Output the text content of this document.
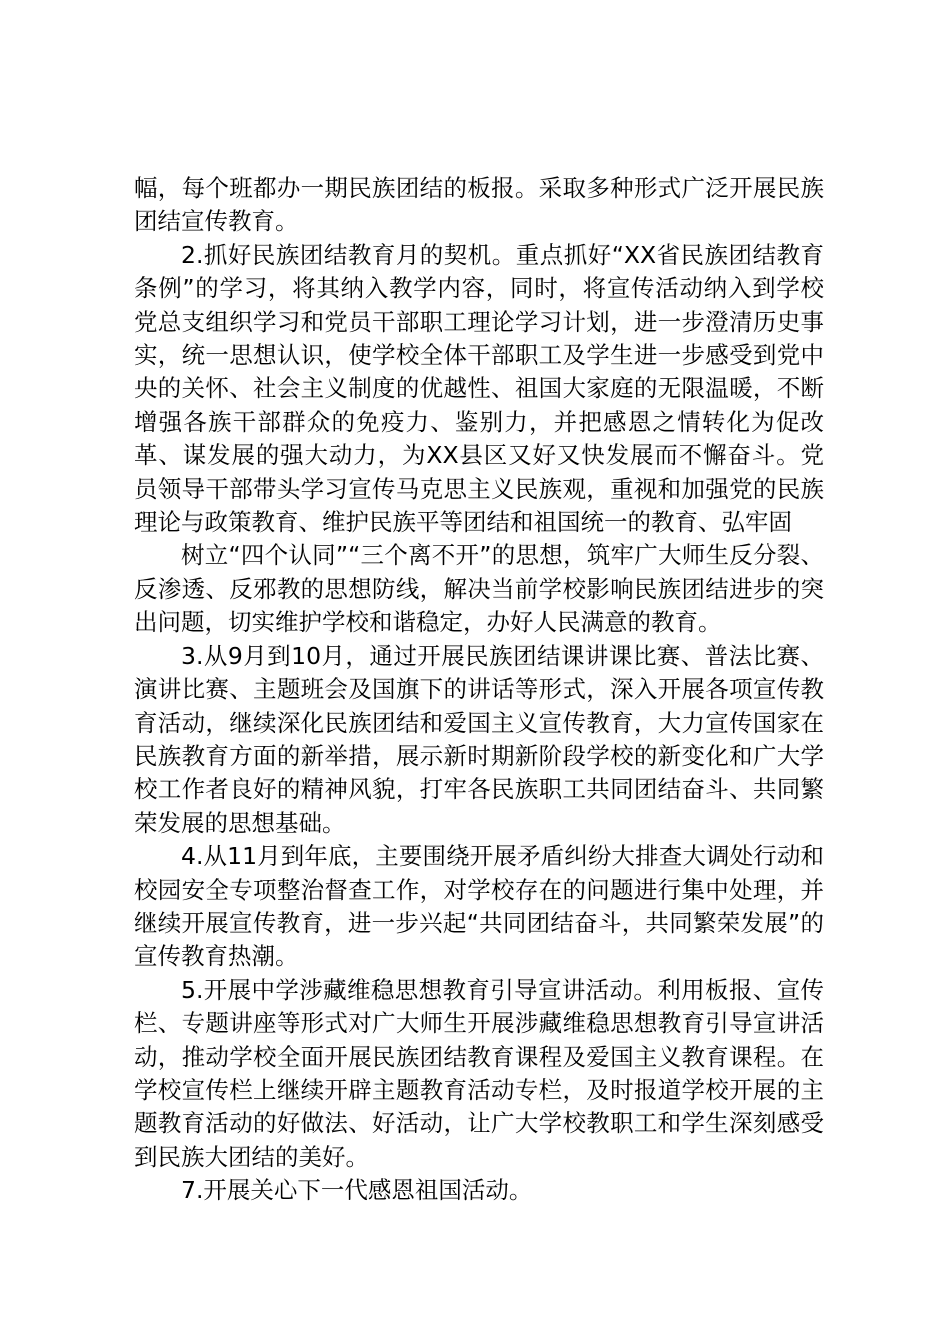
幅，每个班都办一期民族团结的板报。采取多种形式广泛开展民族团结宣传教育。

2.抓好民族团结教育月的契机。重点抓好“XX省民族团结教育条例”的学习，将其纳入教学内容，同时，将宣传活动纳入到学校党总支组织学习和党员干部职工理论学习计划，进一步澄清历史事实，统一思想认识，使学校全体干部职工及学生进一步感受到党中央的关怀、社会主义制度的优越性、祖国大家庭的无限温暖，不断增强各族干部群众的免疫力、鉴别力，并把感恩之情转化为促改革、谋发展的强大动力，为XX县区又好又快发展而不懈奋斗。党员领导干部带头学习宣传马克思主义民族观，重视和加强党的民族理论与政策教育、维护民族平等团结和祖国统一的教育、弘牢固

树立“四个认同”“三个离不开”的思想，筑牢广大师生反分裂、反渗透、反邪教的思想防线，解决当前学校影响民族团结进步的突出问题，切实维护学校和谐稳定，办好人民满意的教育。

3.从9月到10月，通过开展民族团结课讲课比赛、普法比赛、演讲比赛、主题班会及国旗下的讲话等形式，深入开展各项宣传教育活动，继续深化民族团结和爱国主义宣传教育，大力宣传国家在民族教育方面的新举措，展示新时期新阶段学校的新变化和广大学校工作者良好的精神风貌，打牢各民族职工共同团结奋斗、共同繁荣发展的思想基础。

4.从11月到年底，主要围绕开展矛盾纠纷大排查大调处行动和校园安全专项整治督查工作，对学校存在的问题进行集中处理，并继续开展宣传教育，进一步兴起“共同团结奋斗，共同繁荣发展”的宣传教育热潮。

5.开展中学涉藏维稳思想教育引导宣讲活动。利用板报、宣传栏、专题讲座等形式对广大师生开展涉藏维稳思想教育引导宣讲活动，推动学校全面开展民族团结教育课程及爱国主义教育课程。在学校宣传栏上继续开辟主题教育活动专栏，及时报道学校开展的主题教育活动的好做法、好活动，让广大学校教职工和学生深刻感受到民族大团结的美好。

7.开展关心下一代感恩祖国活动。
